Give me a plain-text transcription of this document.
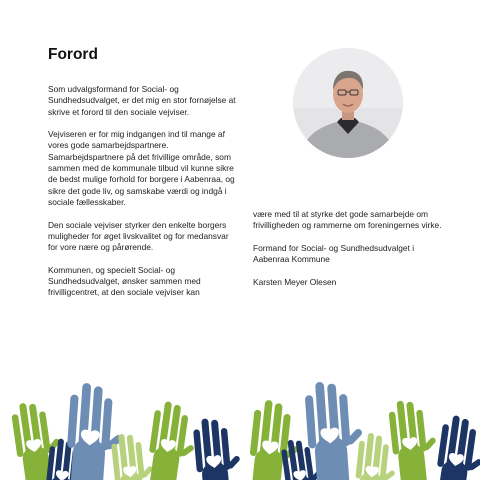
Forord

Som udvalgsformand for Social- og Sundhedsudvalget, er det mig en stor fornøjelse at skrive et forord til den sociale vejviser.

Vejviseren er for mig indgangen ind til mange af vores gode samarbejdspartnere. Samarbejdspartnere på det frivillige område, som sammen med de kommunale tilbud vil kunne sikre de bedst mulige forhold for borgere i Aabenraa, og sikre det gode liv, og samskabe værdi og indgå i sociale fællesskaber.

Den sociale vejviser styrker den enkelte borgers muligheder for øget livskvalitet og for medansvar for vore nære og pårørende.

Kommunen, og specielt Social- og Sundhedsudvalget, ønsker sammen med frivilligcentret, at den sociale vejviser kan

være med til at styrke det gode samarbejde om frivilligheden og rammerne om foreningernes virke.

Formand for Social- og Sundhedsudvalget i Aabenraa Kommune

Karsten Meyer Olesen
